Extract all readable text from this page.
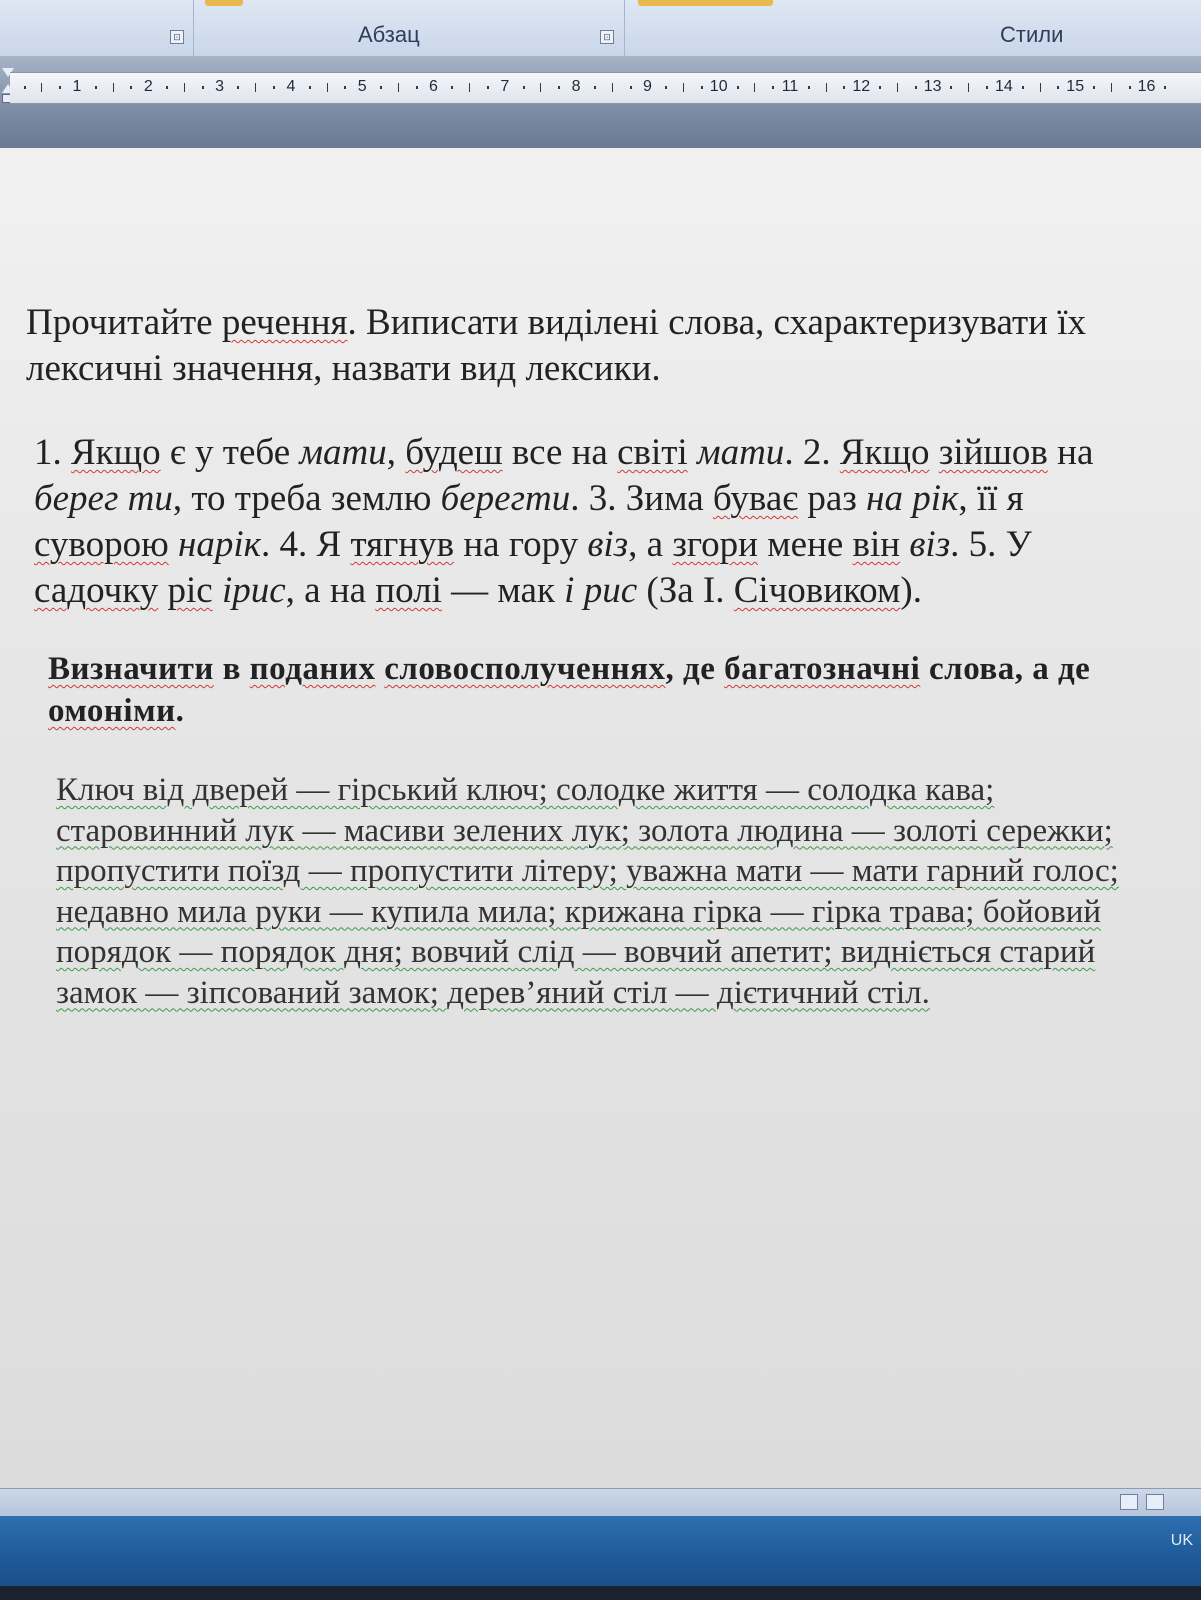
⊡	Абзац	⊡	Стили
1	2	3	4	5	6	7	8	9	10	11	12	13	14	15	16
Прочитайте речення. Виписати виділені слова, схарактеризувати їх лексичні значення, назвати вид лексики.
1. Якщо є у тебе мати, будеш все на світі мати. 2. Якщо зійшов на берег ти, то треба землю берегти. 3. Зима буває раз на рік, її я суворою нарік. 4. Я тягнув на гору віз, а згори мене він віз. 5. У садочку ріс ірис, а на полі — мак і рис (За І. Січовиком).
Визначити в поданих словосполученнях, де багатозначні слова, а де омоніми.
Ключ від дверей — гірський ключ; солодке життя — солодка кава; старовинний лук — масиви зелених лук; золота людина — золоті сережки; пропустити поїзд — пропустити літеру; уважна мати — мати гарний голос; недавно мила руки — купила мила; крижана гірка — гірка трава; бойовий порядок — порядок дня; вовчий слід — вовчий апетит; видніється старий замок — зіпсований замок; дерев’яний стіл — дієтичний стіл.
UK
